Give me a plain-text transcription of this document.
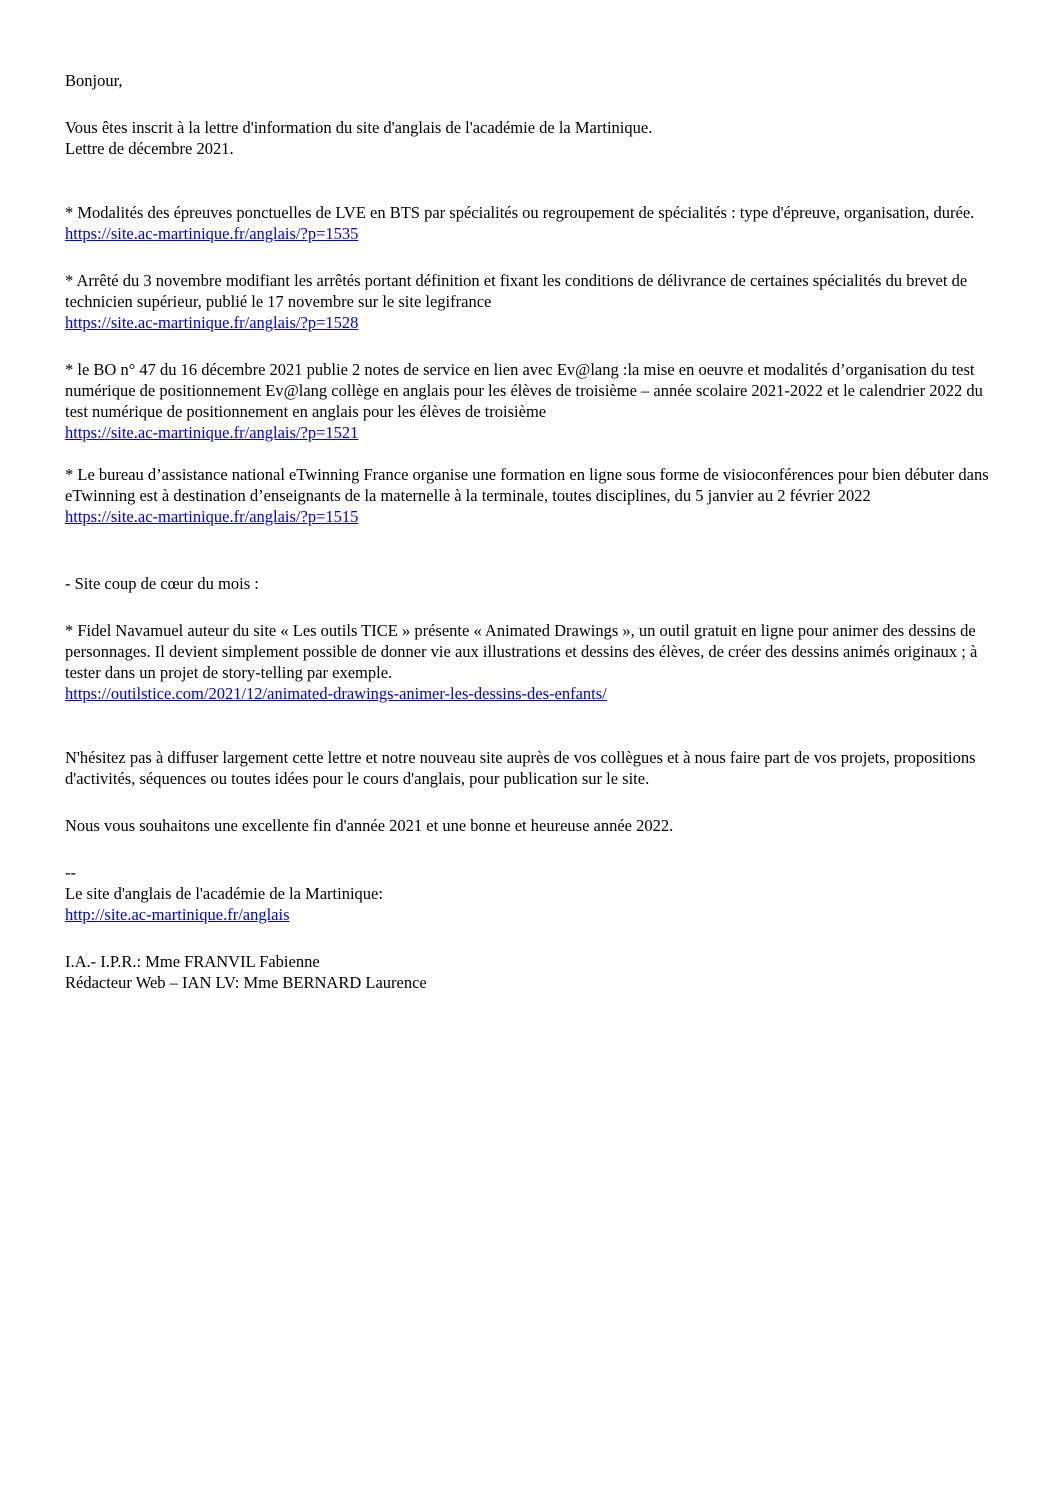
Bonjour,

Vous êtes inscrit à la lettre d'information du site d'anglais de l'académie de la Martinique.
Lettre de décembre 2021.
* Modalités des épreuves ponctuelles de LVE en BTS par spécialités ou regroupement de spécialités : type d'épreuve, organisation, durée.
https://site.ac-martinique.fr/anglais/?p=1535
* Arrêté du 3 novembre modifiant les arrêtés portant définition et fixant les conditions de délivrance de certaines spécialités du brevet de technicien supérieur, publié le 17 novembre sur le site legifrance
https://site.ac-martinique.fr/anglais/?p=1528
* le BO n° 47 du 16 décembre 2021 publie 2 notes de service en lien avec Ev@lang :la mise en oeuvre et modalités d’organisation du test numérique de positionnement Ev@lang collège en anglais pour les élèves de troisième – année scolaire 2021-2022 et le calendrier 2022 du test numérique de positionnement en anglais pour les élèves de troisième
https://site.ac-martinique.fr/anglais/?p=1521
* Le bureau d’assistance national eTwinning France organise une formation en ligne sous forme de visioconférences pour bien débuter dans eTwinning est à destination d’enseignants de la maternelle à la terminale, toutes disciplines, du 5 janvier au 2 février 2022
https://site.ac-martinique.fr/anglais/?p=1515

- Site coup de cœur du mois :

* Fidel Navamuel auteur du site « Les outils TICE » présente « Animated Drawings », un outil gratuit en ligne pour animer des dessins de personnages. Il devient simplement possible de donner vie aux illustrations et dessins des élèves, de créer des dessins animés originaux ; à tester dans un projet de story-telling par exemple.
https://outilstice.com/2021/12/animated-drawings-animer-les-dessins-des-enfants/

N'hésitez pas à diffuser largement cette lettre et notre nouveau site auprès de vos collègues et à nous faire part de vos projets, propositions d'activités, séquences ou toutes idées pour le cours d'anglais, pour publication sur le site.

Nous vous souhaitons une excellente fin d'année 2021 et une bonne et heureuse année 2022.

--
Le site d'anglais de l'académie de la Martinique:
http://site.ac-martinique.fr/anglais
I.A.- I.P.R.: Mme FRANVIL Fabienne
Rédacteur Web – IAN LV: Mme BERNARD Laurence
